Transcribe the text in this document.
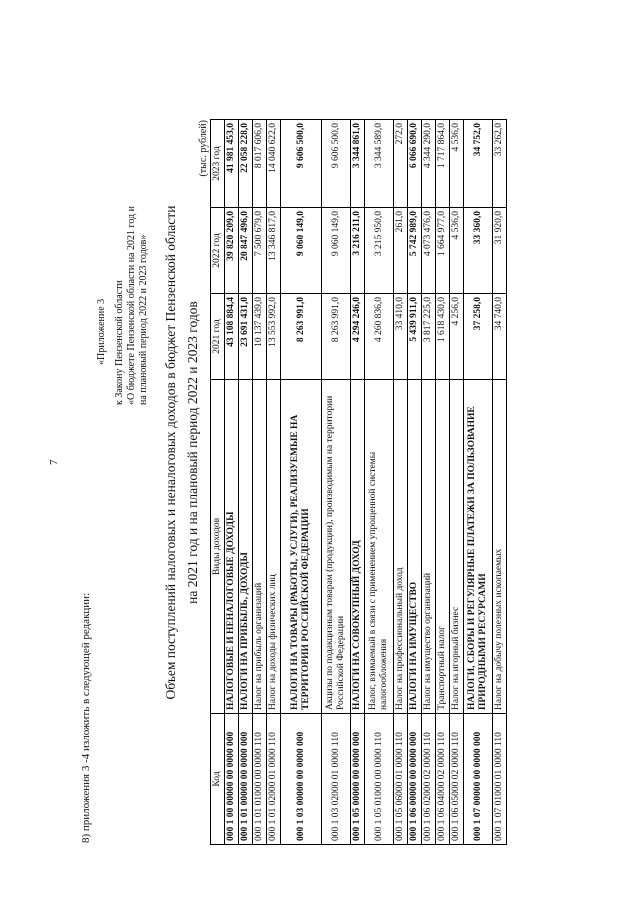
7
8) приложения 3 -4 изложить в следующей редакции:
«Приложение 3 к Закону Пензенской области «О бюджете Пензенской области на 2021 год и на плановый период 2022 и 2023 годов» Объем поступлений налоговых и неналоговых доходов в бюджет Пензенской области на 2021 год и на плановый период 2022 и 2023 годов
(тыс. рублей)
Код	Виды доходов	2021 год	2022 год	2023 год
000 1 00 00000 00 0000 000	НАЛОГОВЫЕ И НЕНАЛОГОВЫЕ ДОХОДЫ	43 108 884,4	39 820 209,0	41 981 453,0
000 1 01 00000 00 0000 000	НАЛОГИ НА ПРИБЫЛЬ, ДОХОДЫ	23 691 431,0	20 847 496,0	22 058 228,0
000 1 01 01000 00 0000 110	Налог на прибыль организаций	10 137 439,0	7 500 679,0	8 017 606,0
000 1 01 02000 01 0000 110	Налог на доходы физических лиц	13 553 992,0	13 346 817,0	14 040 622,0
000 1 03 00000 00 0000 000	НАЛОГИ НА ТОВАРЫ (РАБОТЫ, УСЛУГИ), РЕАЛИЗУЕМЫЕ НА ТЕРРИТОРИИ РОССИЙСКОЙ ФЕДЕРАЦИИ	8 263 991,0	9 060 149,0	9 606 500,0
000 1 03 02000 01 0000 110	Акцизы по подакцизным товарам (продукции), производимым на территории Российской Федерации	8 263 991,0	9 060 149,0	9 606 500,0
000 1 05 00000 00 0000 000	НАЛОГИ НА СОВОКУПНЫЙ ДОХОД	4 294 246,0	3 216 211,0	3 344 861,0
000 1 05 01000 00 0000 110	Налог, взимаемый в связи с применением упрощенной системы налогообложения	4 260 836,0	3 215 950,0	3 344 589,0
000 1 05 06000 01 0000 110	Налог на профессиональный доход	33 410,0	261,0	272,0
000 1 06 00000 00 0000 000	НАЛОГИ НА ИМУЩЕСТВО	5 439 911,0	5 742 989,0	6 066 690,0
000 1 06 02000 02 0000 110	Налог на имущество организаций	3 817 225,0	4 073 476,0	4 344 290,0
000 1 06 04000 02 0000 110	Транспортный налог	1 618 430,0	1 664 977,0	1 717 864,0
000 1 06 05000 02 0000 110	Налог на игорный бизнес	4 256,0	4 536,0	4 536,0
000 1 07 00000 00 0000 000	НАЛОГИ, СБОРЫ И РЕГУЛЯРНЫЕ ПЛАТЕЖИ ЗА ПОЛЬЗОВАНИЕ ПРИРОДНЫМИ РЕСУРСАМИ	37 258,0	33 360,0	34 752,0
000 1 07 01000 01 0000 110	Налог на добычу полезных ископаемых	34 740,0	31 920,0	33 262,0
